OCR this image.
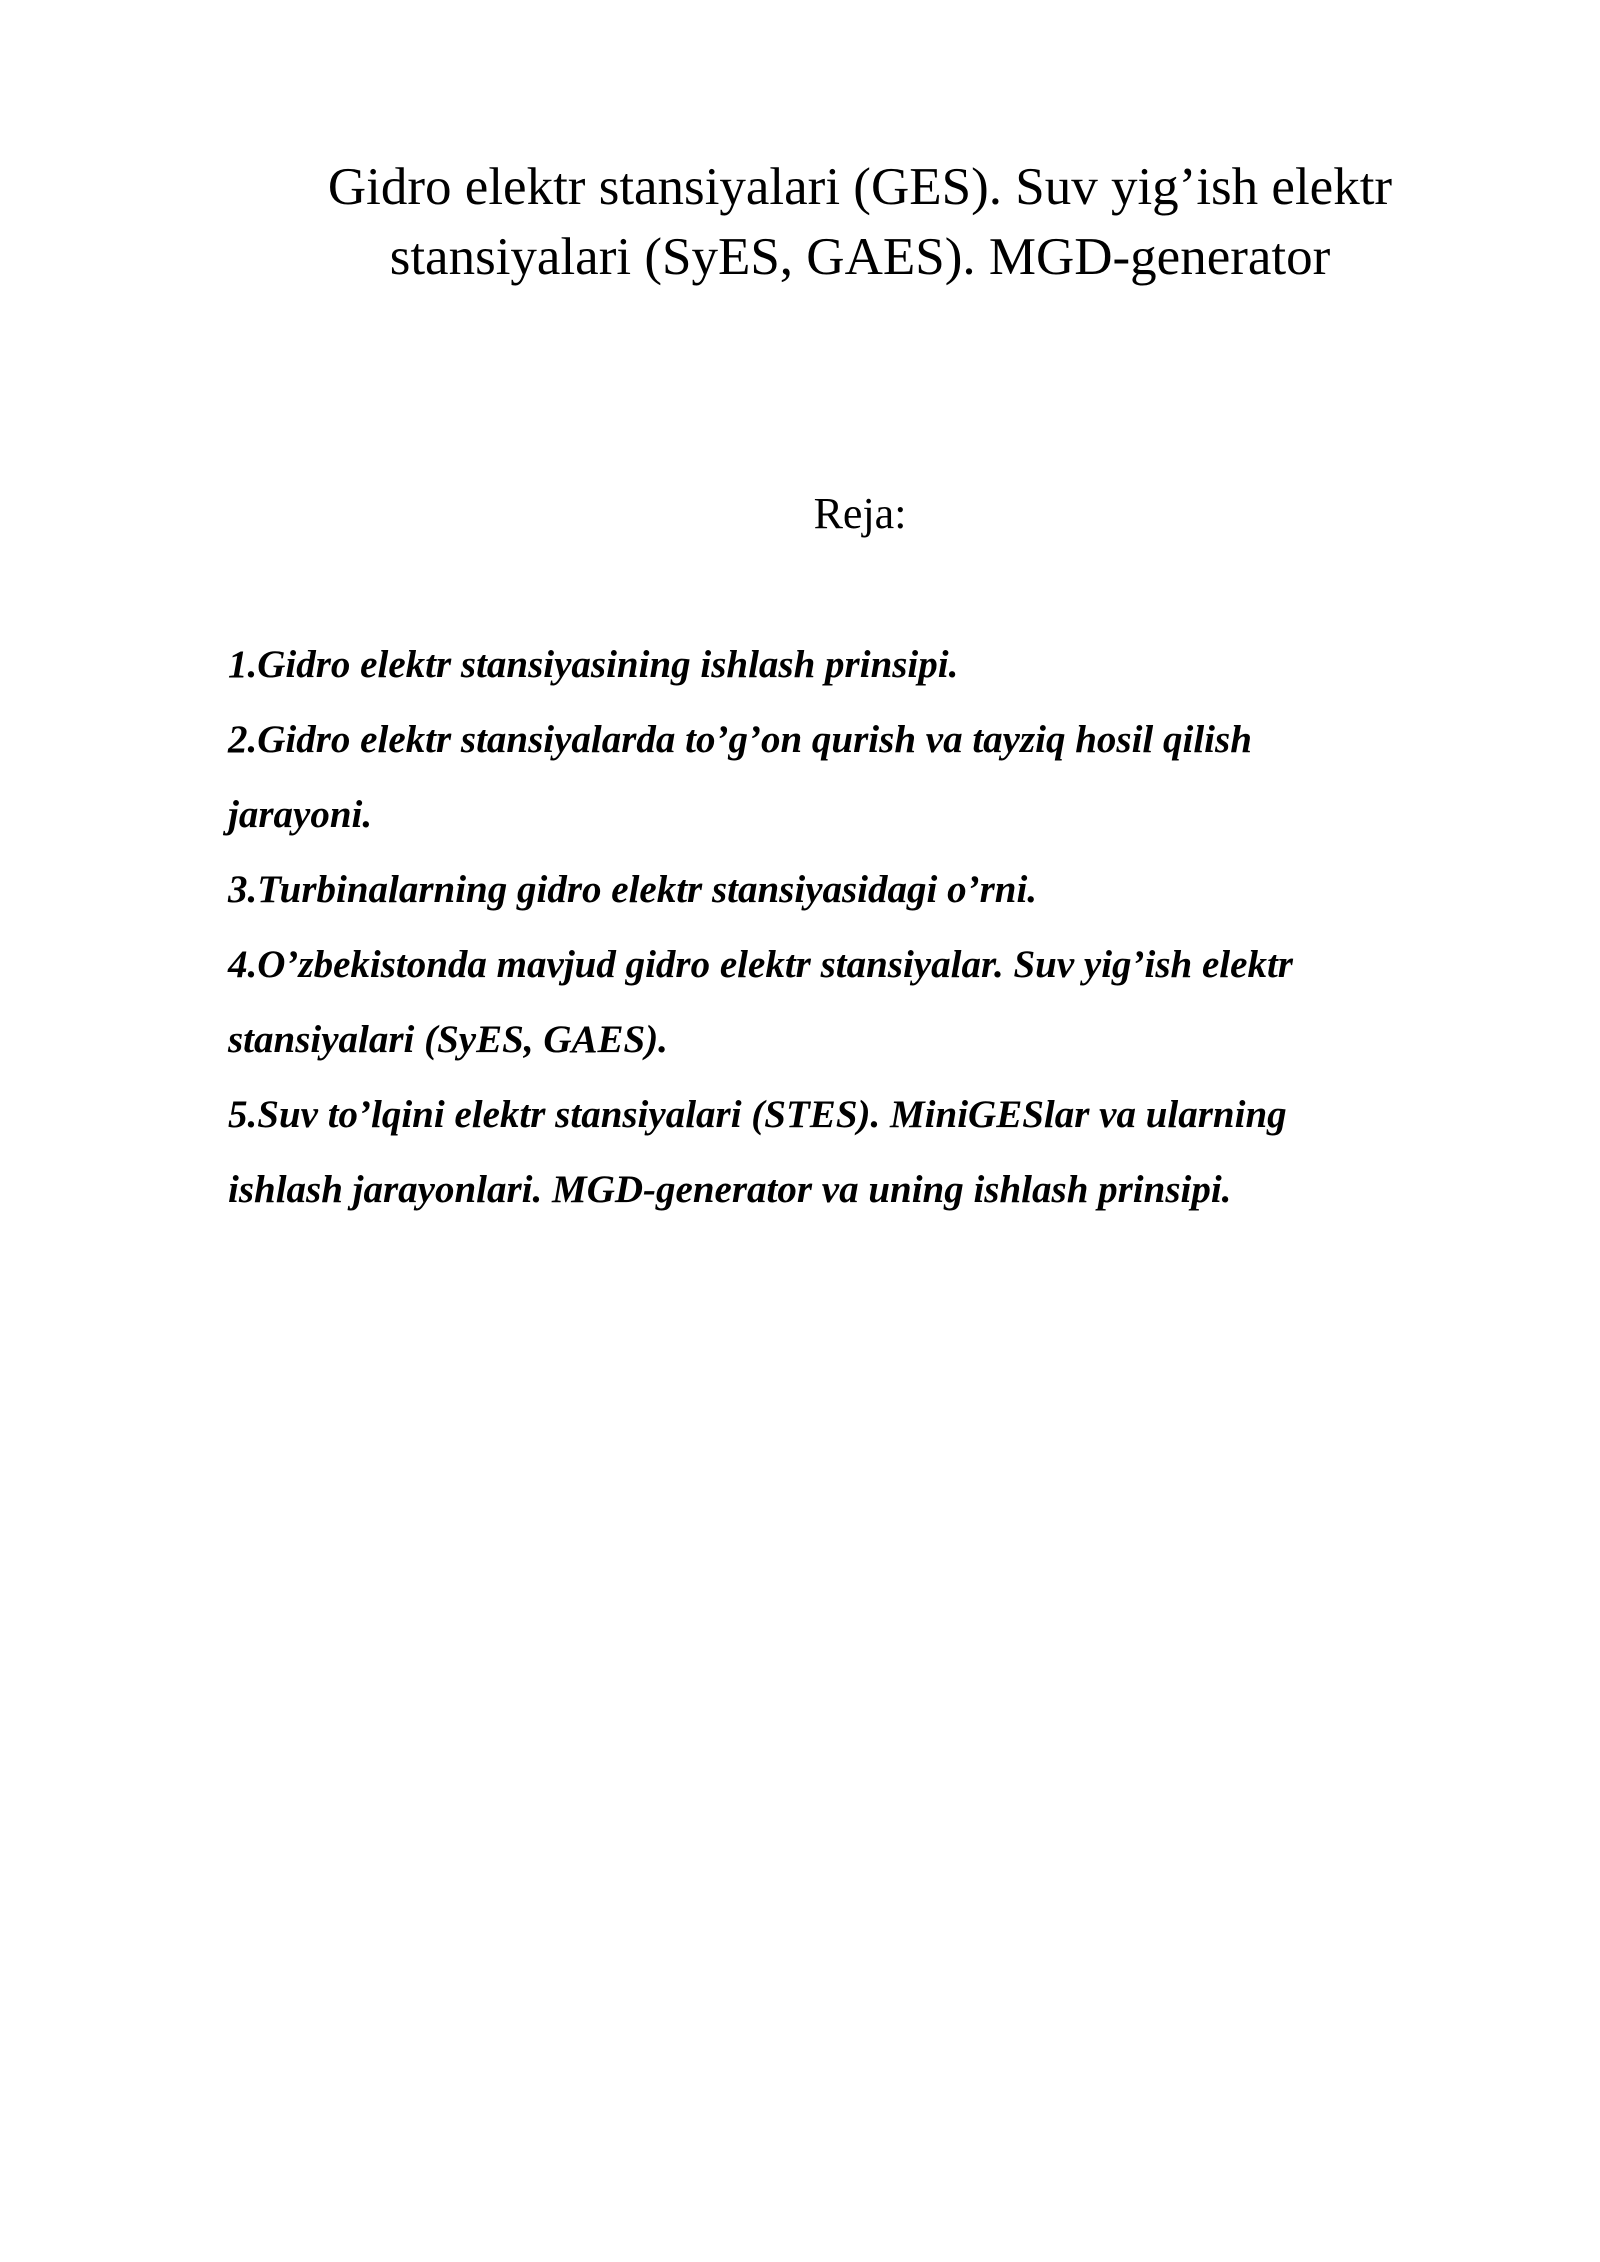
Gidro elektr stansiyalari (GES). Suv yig’ish elektr
stansiyalari (SyES, GAES). MGD-generator
Reja:
1.Gidro elektr stansiyasining ishlash prinsipi.
2.Gidro elektr stansiyalarda to’g’on qurish va tayziq hosil qilish
jarayoni.
3.Turbinalarning gidro elektr stansiyasidagi o’rni.
4.O’zbekistonda mavjud gidro elektr stansiyalar. Suv yig’ish elektr
stansiyalari (SyES, GAES).
5.Suv to’lqini elektr stansiyalari (STES). MiniGESlar va ularning
ishlash jarayonlari. MGD-generator va uning ishlash prinsipi.
